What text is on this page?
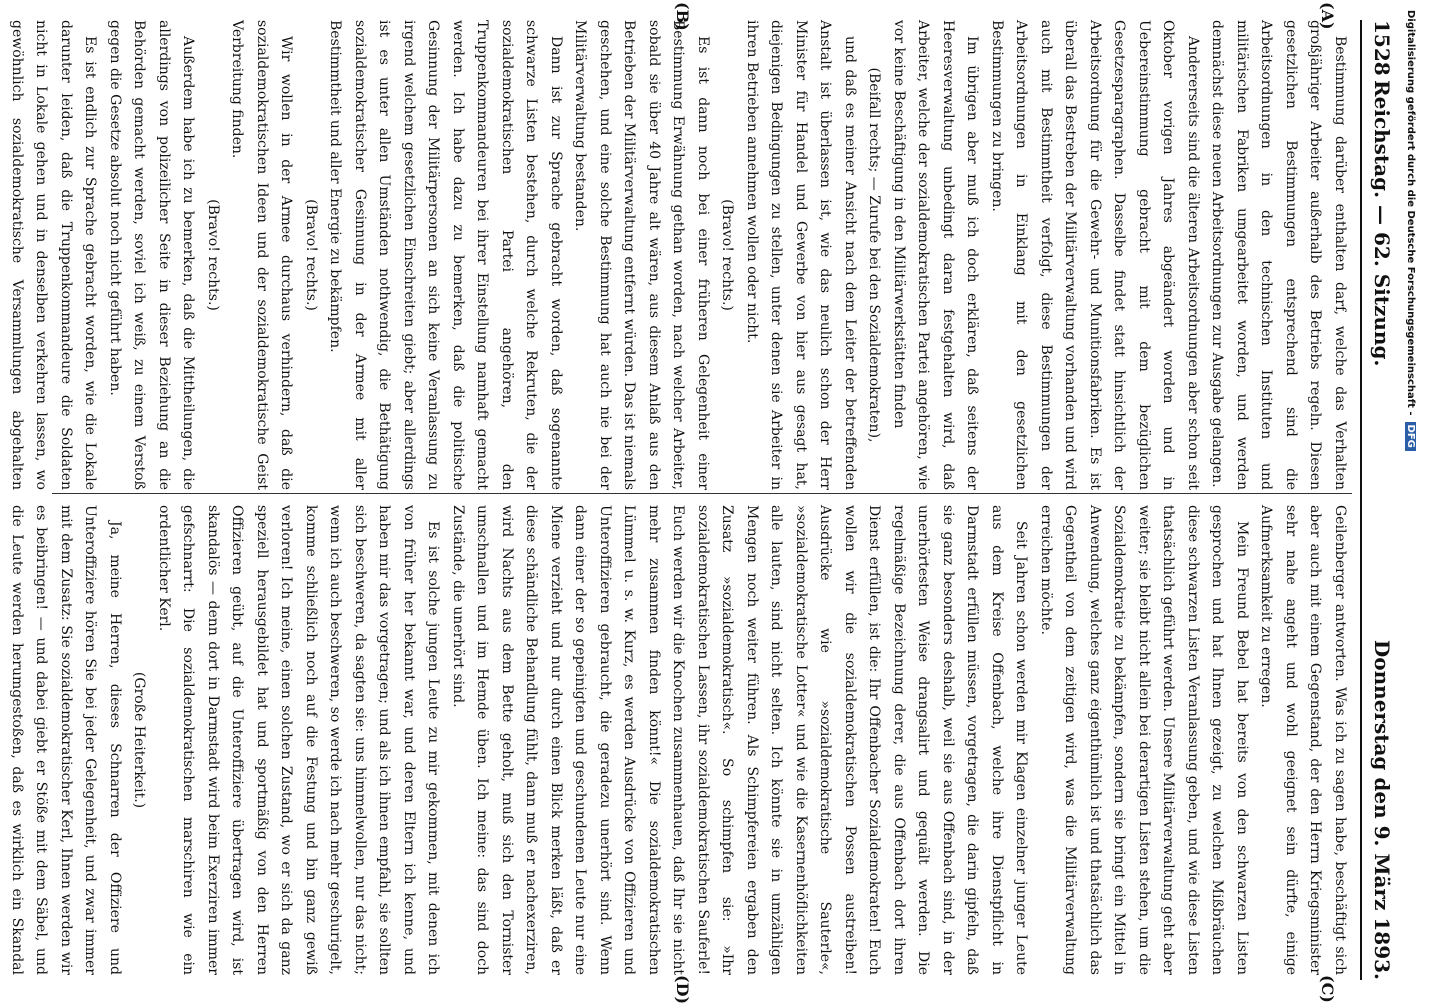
1528
Reichstag. — 62. Sitzung.
Donnerstag den 9. März 1893.
(A)
(B)
(C)
(D)

Bestimmung darüber enthalten darf, welche das Verhalten großjähriger Arbeiter außerhalb des Betriebs regeln. Diesen gesetzlichen Bestimmungen entsprechend sind die Arbeitsordnungen in den technischen Instituten und militärischen Fabriken umgearbeitet worden, und werden demnächst diese neuen Arbeitsordnungen zur Ausgabe gelangen.

Andererseits sind die älteren Arbeitsordnungen aber schon seit Oktober vorigen Jahres abgeändert worden und in Uebereinstimmung gebracht mit dem bezüglichen Gesetzesparagraphen. Dasselbe findet statt hinsichtlich der Arbeitsordnung für die Gewehr- und Munitionsfabriken. Es ist überall das Bestreben der Militärverwaltung vorhanden und wird auch mit Bestimmtheit verfolgt, diese Bestimmungen der Arbeitsordnungen in Einklang mit den gesetzlichen Bestimmungen zu bringen.

Im übrigen aber muß ich doch erklären, daß seitens der Heeresverwaltung unbedingt daran festgehalten wird, daß Arbeiter, welche der sozialdemokratischen Partei angehören, wie vor keine Beschäftigung in den Militärwerkstätten finden

(Beifall rechts; — Zurufe bei den Sozialdemokraten),

und daß es meiner Ansicht nach dem Leiter der betreffenden Anstalt ist überlassen ist, wie das neulich schon der Herr Minister für Handel und Gewerbe von hier aus gesagt hat, diejenigen Bedingungen zu stellen, unter denen sie Arbeiter in ihren Betrieben annehmen wollen oder nicht.

(Bravo! rechts.)

Es ist dann noch bei einer früheren Gelegenheit einer Bestimmung Erwähnung gethan worden, nach welcher Arbeiter, sobald sie über 40 Jahre alt wären, aus diesem Anlaß aus den Betrieben der Militärverwaltung entfernt würden. Das ist niemals geschehen, und eine solche Bestimmung hat auch nie bei der Militärverwaltung bestanden.

Dann ist zur Sprache gebracht worden, daß sogenannte schwarze Listen bestehen, durch welche Rekruten, die der sozialdemokratischen Partei angehören, den Truppenkommandeuren bei ihrer Einstellung namhaft gemacht werden. Ich habe dazu zu bemerken, daß die politische Gesinnung der Militärpersonen an sich keine Veranlassung zu irgend welchem gesetzlichen Einschreiten giebt; aber allerdings ist es unter allen Umständen nothwendig, die Bethätigung sozialdemokratischer Gesinnung in der Armee mit aller Bestimmtheit und aller Energie zu bekämpfen.

(Bravo! rechts.)

Wir wollen in der Armee durchaus verhindern, daß die sozialdemokratischen Ideen und der sozialdemokratische Geist Verbreitung finden.

(Bravo! rechts.)

Außerdem habe ich zu bemerken, daß die Mittheilungen, die allerdings von polizeilicher Seite in dieser Beziehung an die Behörden gemacht werden, soviel ich weiß, zu einem Verstoß gegen die Gesetze absolut noch nicht geführt haben.

Es ist endlich zur Sprache gebracht worden, wie die Lokale darunter leiden, daß die Truppenkommandeure die Soldaten nicht in Lokale gehen und in denselben verkehren lassen, wo gewöhnlich sozialdemokratische Versammlungen abgehalten

Geilenberger antworten. Was ich zu sagen habe, beschäftigt sich aber auch mit einem Gegenstand, der den Herrn Kriegsminister sehr nahe angeht und wohl geeignet sein dürfte, einige Aufmerksamkeit zu erregen.

Mein Freund Bebel hat bereits von den schwarzen Listen gesprochen und hat Ihnen gezeigt, zu welchen Mißbräuchen diese schwarzen Listen Veranlassung geben, und wie diese Listen thatsächlich geführt werden. Unsere Militärverwaltung geht aber weiter; sie bleibt nicht allein bei derartigen Listen stehen, um die Sozialdemokratie zu bekämpfen, sondern sie bringt ein Mittel in Anwendung, welches ganz eigenthümlich ist und thatsächlich das Gegentheil von dem zeitigen wird, was die Militärverwaltung erreichen möchte.

Seit Jahren schon werden mir Klagen einzelner junger Leute aus dem Kreise Offenbach, welche ihre Dienstpflicht in Darmstadt erfüllen müssen, vorgetragen, die darin gipfeln, daß sie ganz besonders deshalb, weil sie aus Offenbach sind, in der unerhörtesten Weise drangsalirt und gequält werden. Die regelmäßige Bezeichnung derer, die aus Offenbach dort ihren Dienst erfüllen, ist die: Ihr Offenbacher Sozialdemokraten! Euch wollen wir die sozialdemokratischen Possen austreiben! Ausdrücke wie »sozialdemokratische Sauterle«, »sozialdemokratische Lotter« und wie die Kasernenhöflichkeiten alle lauten, sind nicht selten. Ich könnte sie in umzähligen Mengen noch weiter führen. Als Schimpfereien ergaben den Zusatz »sozialdemokratisch«. So schimpfen sie: »Ihr sozialdemokratischen Lassen, ihr sozialdemokratischen Sauferle! Euch werden wir die Knochen zusammenhauen, daß Ihr sie nicht mehr zusammen finden könnt!« Die sozialdemokratischen Lümmel u. s. w. Kurz, es werden Ausdrücke von Offizieren und Unteroffizieren gebraucht, die geradezu unerhört sind. Wenn dann einer der so gepeinigten und geschundenen Leute nur eine Miene verzieht und nur durch einen Blick merken läßt, daß er diese schändliche Behandlung fühlt, dann muß er nachexerziren, wird Nachts aus dem Bette geholt, muß sich den Tornister umschnallen und im Hemde üben. Ich meine: das sind doch Zustände, die unerhört sind.

Es ist solche jungen Leute zu mir gekommen, mit denen ich von früher her bekannt war, und deren Eltern ich kenne, und haben mir das vorgetragen; und als ich ihnen empfahl, sie sollten sich beschweren, da sagten sie: uns himmelwollen, nur das nicht; wenn ich auch beschweren, so werde ich nach mehr geschurigelt, komme schließlich noch auf die Festung und bin ganz gewiß verloren! Ich meine, einen solchen Zustand, wo er sich da ganz speziell herausgebildet hat und sportmäßig von den Herren Offizieren geübt, auf die Unteroffiziere übertragen wird, ist skandalös — denn dort in Darmstadt wird beim Exerziren immer gefschnarrt: Die sozialdemokratischen marschiren wie ein ordentlicher Kerl.

(Große Heiterkeit.)

Ja, meine Herren, dieses Schnarren der Offiziere und Unteroffiziere hören Sie bei jeder Gelegenheit, und zwar immer mit dem Zusatz: Sie sozialdemokratischer Kerl, Ihnen werden wir es beibringen! — und dabei giebt er Stöße mit dem Säbel, und die Leute werden herumgestoßen, daß es wirklich ein Skandal

Digitalisierung gefördert durch die Deutsche Forschungsgemeinschaft -DFG
